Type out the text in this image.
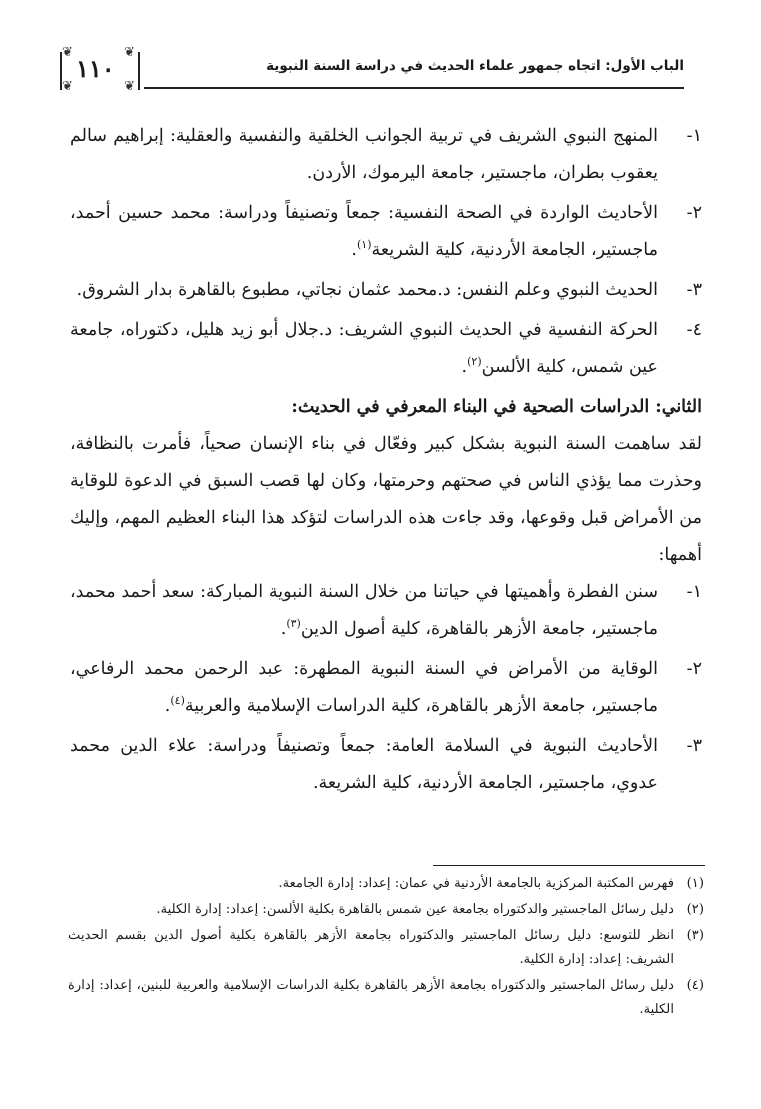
❦
❦
❦
❦
١١٠	الباب الأول: اتجاه جمهور علماء الحديث في دراسة السنة النبوية
١-
المنهج النبوي الشريف في تربية الجوانب الخلقية والنفسية والعقلية: إبراهيم سالم يعقوب بطران، ماجستير، جامعة اليرموك، الأردن.
٢-
الأحاديث الواردة في الصحة النفسية: جمعاً وتصنيفاً ودراسة: محمد حسين أحمد، ماجستير، الجامعة الأردنية، كلية الشريعة$^{(١)}$.
٣-
الحديث النبوي وعلم النفس: د.محمد عثمان نجاتي، مطبوع بالقاهرة بدار الشروق.
٤-
الحركة النفسية في الحديث النبوي الشريف: د.جلال أبو زيد هليل، دكتوراه، جامعة عين شمس، كلية الألسن$^{(٢)}$.
الثاني: الدراسات الصحية في البناء المعرفي في الحديث:

لقد ساهمت السنة النبوية بشكل كبير وفعّال في بناء الإنسان صحياً، فأمرت بالنظافة، وحذرت مما يؤذي الناس في صحتهم وحرمتها، وكان لها قصب السبق في الدعوة للوقاية من الأمراض قبل وقوعها، وقد جاءت هذه الدراسات لتؤكد هذا البناء العظيم المهم، وإليك أهمها:

١-
سنن الفطرة وأهميتها في حياتنا من خلال السنة النبوية المباركة: سعد أحمد محمد، ماجستير، جامعة الأزهر بالقاهرة، كلية أصول الدين$^{(٣)}$.
٢-
الوقاية من الأمراض في السنة النبوية المطهرة: عبد الرحمن محمد الرفاعي، ماجستير، جامعة الأزهر بالقاهرة، كلية الدراسات الإسلامية والعربية$^{(٤)}$.
٣-
الأحاديث النبوية في السلامة العامة: جمعاً وتصنيفاً ودراسة: علاء الدين محمد عدوي، ماجستير، الجامعة الأردنية، كلية الشريعة.
(١)
فهرس المكتبة المركزية بالجامعة الأردنية في عمان: إعداد: إدارة الجامعة.
(٢)
دليل رسائل الماجستير والدكتوراه بجامعة عين شمس بالقاهرة بكلية الألسن: إعداد: إدارة الكلية.
(٣)
انظر للتوسع: دليل رسائل الماجستير والدكتوراه بجامعة الأزهر بالقاهرة بكلية أصول الدين بقسم الحديث الشريف: إعداد: إدارة الكلية.
(٤)
دليل رسائل الماجستير والدكتوراه بجامعة الأزهر بالقاهرة بكلية الدراسات الإسلامية والعربية للبنين، إعداد: إدارة الكلية.
